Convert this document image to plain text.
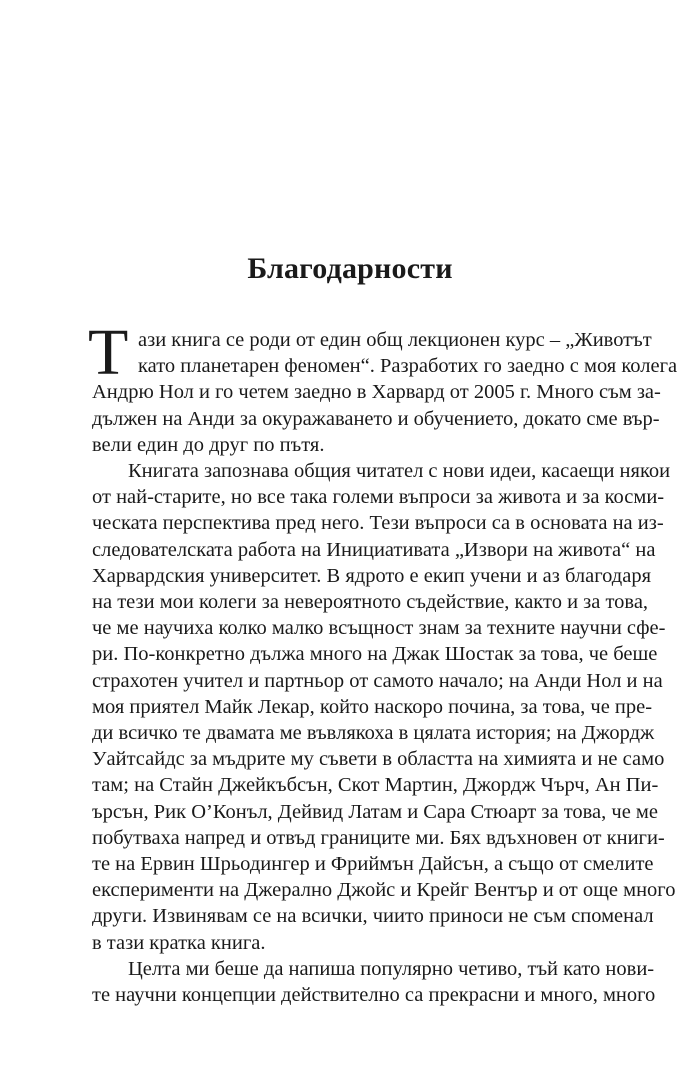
Благодарности
Т ази книга се роди от един общ лекционен курс – „Животът
като планетарен феномен“. Разработих го заедно с моя колега
Андрю Нол и го четем заедно в Харвард от 2005 г. Много съм за-
дължен на Анди за окуражаването и обучението, докато сме вър-
вели един до друг по пътя.
Книгата запознава общия читател с нови идеи, касаещи някои
от най-старите, но все така големи въпроси за живота и за косми-
ческата перспектива пред него. Тези въпроси са в основата на из-
следователската работа на Инициативата „Извори на живота“ на
Харвардския университет. В ядрото е екип учени и аз благодаря
на тези мои колеги за невероятното съдействие, както и за това,
че ме научиха колко малко всъщност знам за техните научни сфе-
ри. По-конкретно дължа много на Джак Шостак за това, че беше
страхотен учител и партньор от самото начало; на Анди Нол и на
моя приятел Майк Лекар, който наскоро почина, за това, че пре-
ди всичко те двамата ме въвлякоха в цялата история; на Джордж
Уайтсайдс за мъдрите му съвети в областта на химията и не само
там; на Стайн Джейкъбсън, Скот Мартин, Джордж Чърч, Ан Пи-
ърсън, Рик О’Конъл, Дейвид Латам и Сара Стюарт за това, че ме
побутваха напред и отвъд границите ми. Бях вдъхновен от книги-
те на Ервин Шрьодингер и Фриймън Дайсън, а също от смелите
експерименти на Джерално Джойс и Крейг Вентър и от още много
други. Извинявам се на всички, чиито приноси не съм споменал
в тази кратка книга.
Целта ми беше да напиша популярно четиво, тъй като нови-
те научни концепции действително са прекрасни и много, много
